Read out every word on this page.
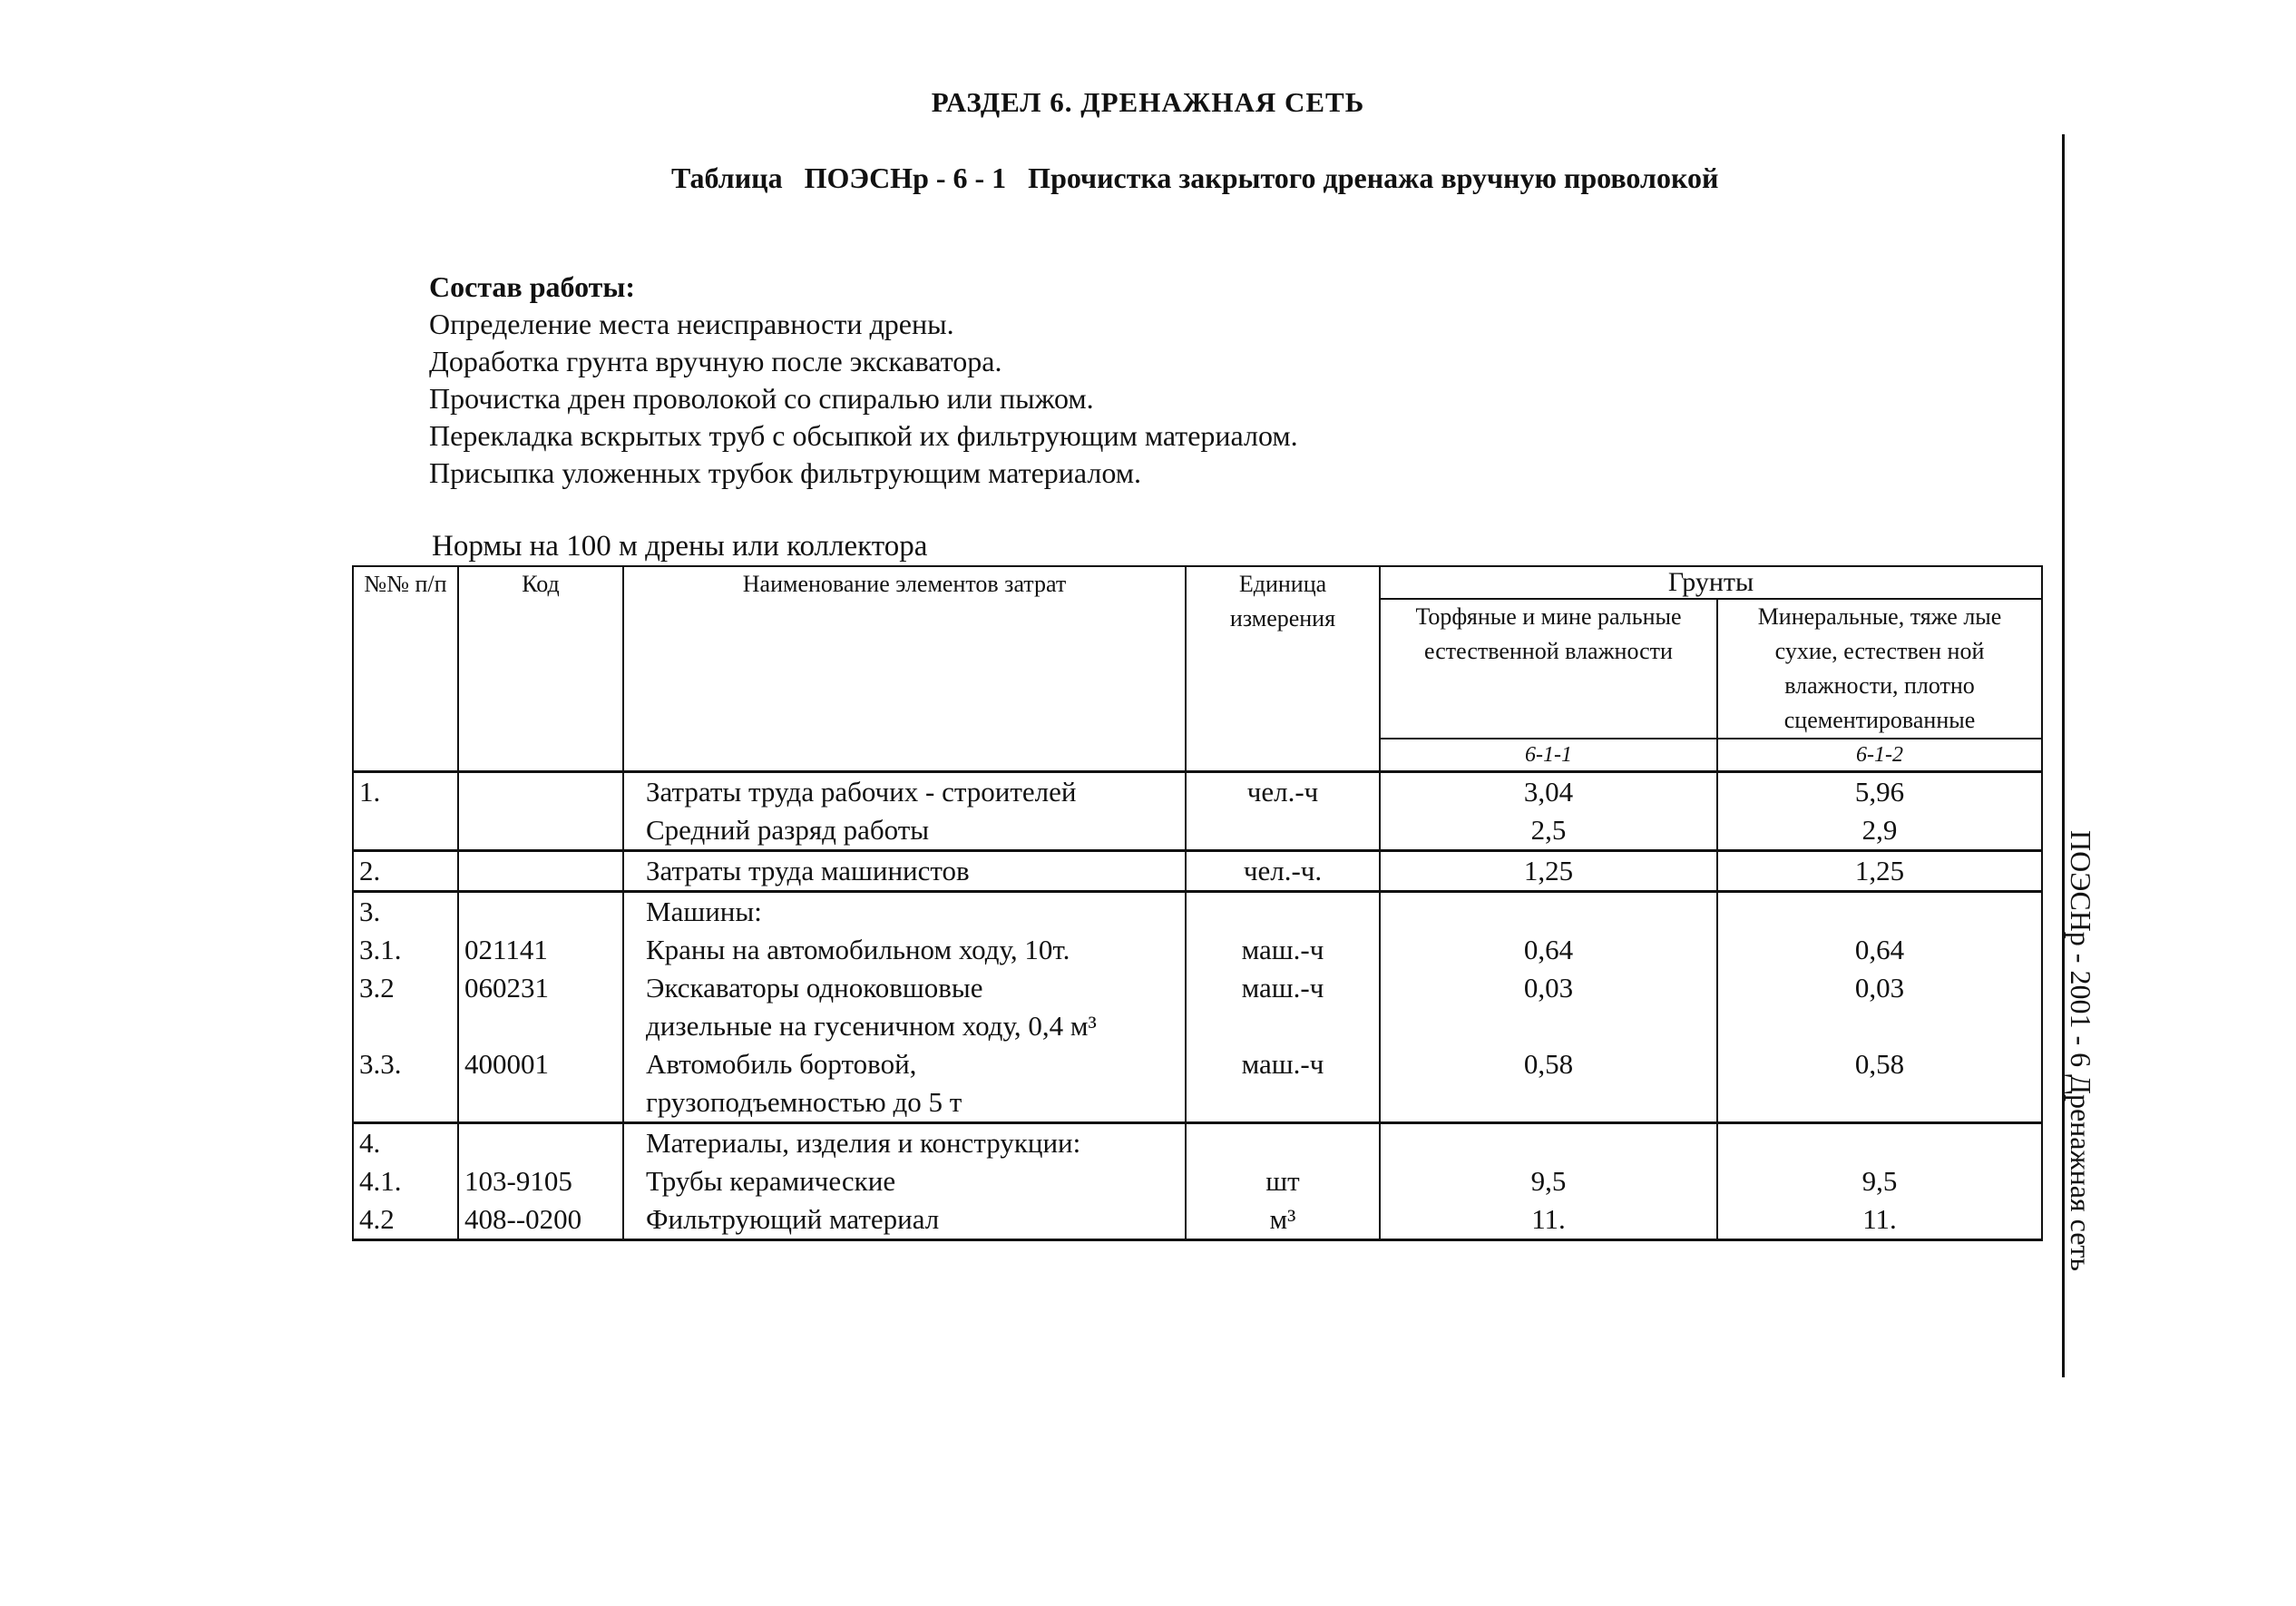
РАЗДЕЛ 6. ДРЕНАЖНАЯ СЕТЬ
Таблица ПОЭСНр - 6 - 1 Прочистка закрытого дренажа вручную проволокой
Состав работы:
Определение места неисправности дрены.
Доработка грунта вручную после экскаватора.
Прочистка дрен проволокой со спиралью или пыжом.
Перекладка вскрытых труб с обсыпкой их фильтрующим материалом.
Присыпка уложенных трубок фильтрующим материалом.
Нормы на 100 м дрены или коллектора
№№ п/п	Код	Наименование элементов затрат	Единица измерения	Грунты	
				Торфяные и мине ральные естественной влажности	Минеральные, тяже лые сухие, естествен ной влажности, плотно сцементированные
				6-1-1	6-1-2
1.		Затраты труда рабочих - строителей	чел.-ч	3,04	5,96
		Средний разряд работы		2,5	2,9
2.		Затраты труда машинистов	чел.-ч.	1,25	1,25
3.		Машины:			
3.1.	021141	Краны на автомобильном ходу, 10т.	маш.-ч	0,64	0,64
3.2	060231	Экскаваторы одноковшовые	маш.-ч	0,03	0,03
		дизельные на гусеничном ходу, 0,4 м³			
3.3.	400001	Автомобиль бортовой,	маш.-ч	0,58	0,58
		грузоподъемностью до 5 т			
4.		Материалы, изделия и конструкции:			
4.1.	103-9105	Трубы керамические	шт	9,5	9,5
4.2	408--0200	Фильтрующий материал	м³	11.	11.	ПОЭСНр - 2001 - 6 Дренажная сеть
